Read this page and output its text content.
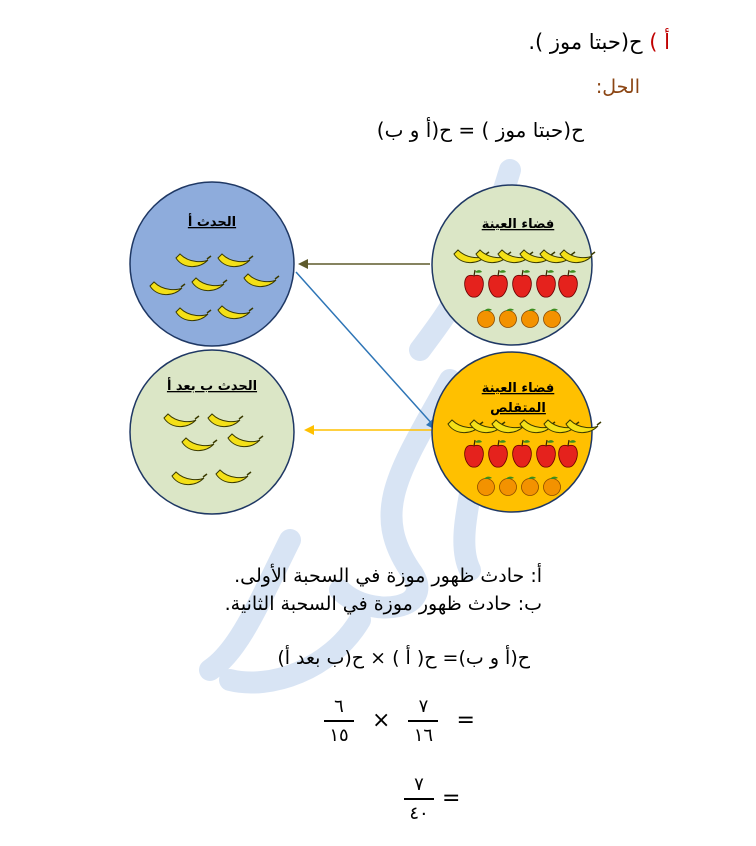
أ ) ح(حبتا موز ).
الحل:
ح(حبتا موز ) = ح(أ و ب)
الحدث أ	فضاء العينة
الحدث ب بعد أ	فضاء العينة
المتقلص
أ: حادث ظهور موزة في السحبة الأولى.
ب: حادث ظهور موزة في السحبة الثانية.
ح(أ و ب)= ح( أ ) × ح(ب بعد أ)
$\frac{٦}{١٥} \times \frac{٧}{١٦}$ =
$\frac{٧}{٤٠}$ =
